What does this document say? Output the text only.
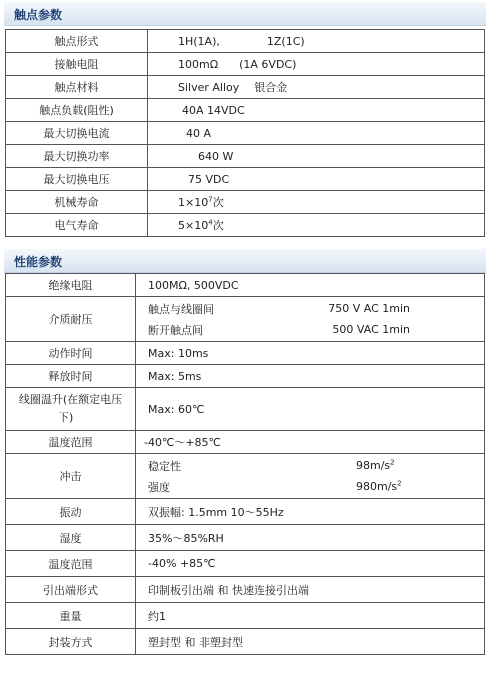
触点参数
触点形式	1H(1A), 1Z(1C)
接触电阻	100mΩ (1A 6VDC)
触点材料	Silver Alloy 银合金
触点负载(阻性)	40A 14VDC
最大切换电流	40 A
最大切换功率	640 W
最大切换电压	75 VDC
机械寿命	$1\times 10^7$次
电气寿命	$5\times 10^4$次
性能参数
绝缘电阻	100MΩ, 500VDC
介质耐压	触点与线圈间 750 V AC 1min
断开触点间 500 VAC 1min

动作时间	Max: 10ms
释放时间	Max: 5ms

线圈温升(在额定电压
下)	Max: 60℃
温度范围	-40℃～+85℃
冲击	稳定性 $98m/s^2$
强度 $980m/s^2$

振动	双振幅: 1.5mm 10～55Hz
湿度	35%～85%RH
温度范围	-40% +85℃
引出端形式	印制板引出端 和 快速连接引出端
重量	约1
封装方式	塑封型 和 非塑封型
